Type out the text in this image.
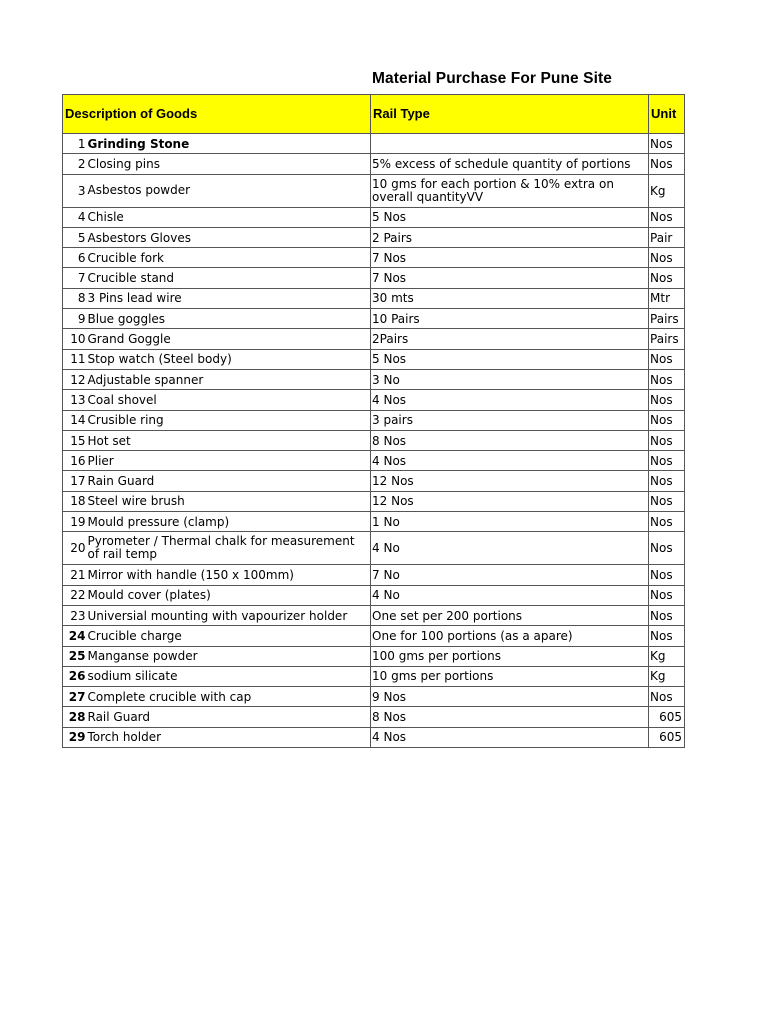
Material Purchase For Pune Site
Description of Goods		Rail Type	Unit
1	Grinding Stone		Nos
2	Closing pins	5% excess of schedule quantity of portions	Nos
3	Asbestos powder	10 gms for each portion & 10% extra on overall quantityVV	Kg
4	Chisle	5 Nos	Nos
5	Asbestors Gloves	2 Pairs	Pair
6	Crucible fork	7 Nos	Nos
7	Crucible stand	7 Nos	Nos
8	3 Pins lead wire	30 mts	Mtr
9	Blue goggles	10 Pairs	Pairs
10	Grand Goggle	2Pairs	Pairs
11	Stop watch (Steel body)	5 Nos	Nos
12	Adjustable spanner	3 No	Nos
13	Coal shovel	4 Nos	Nos
14	Crusible ring	3 pairs	Nos
15	Hot set	8 Nos	Nos
16	Plier	4 Nos	Nos
17	Rain Guard	12 Nos	Nos
18	Steel wire brush	12 Nos	Nos
19	Mould pressure (clamp)	1 No	Nos
20	Pyrometer / Thermal chalk for measurement of rail temp	4 No	Nos
21	Mirror with handle (150 x 100mm)	7 No	Nos
22	Mould cover (plates)	4 No	Nos
23	Universial mounting with vapourizer holder	One set per 200 portions	Nos
24	Crucible charge	One for 100 portions (as a apare)	Nos
25	Manganse powder	100 gms per portions	Kg
26	sodium silicate	10 gms per portions	Kg
27	Complete crucible with cap	9 Nos	Nos
28	Rail Guard	8 Nos	605
29	Torch holder	4 Nos	605
